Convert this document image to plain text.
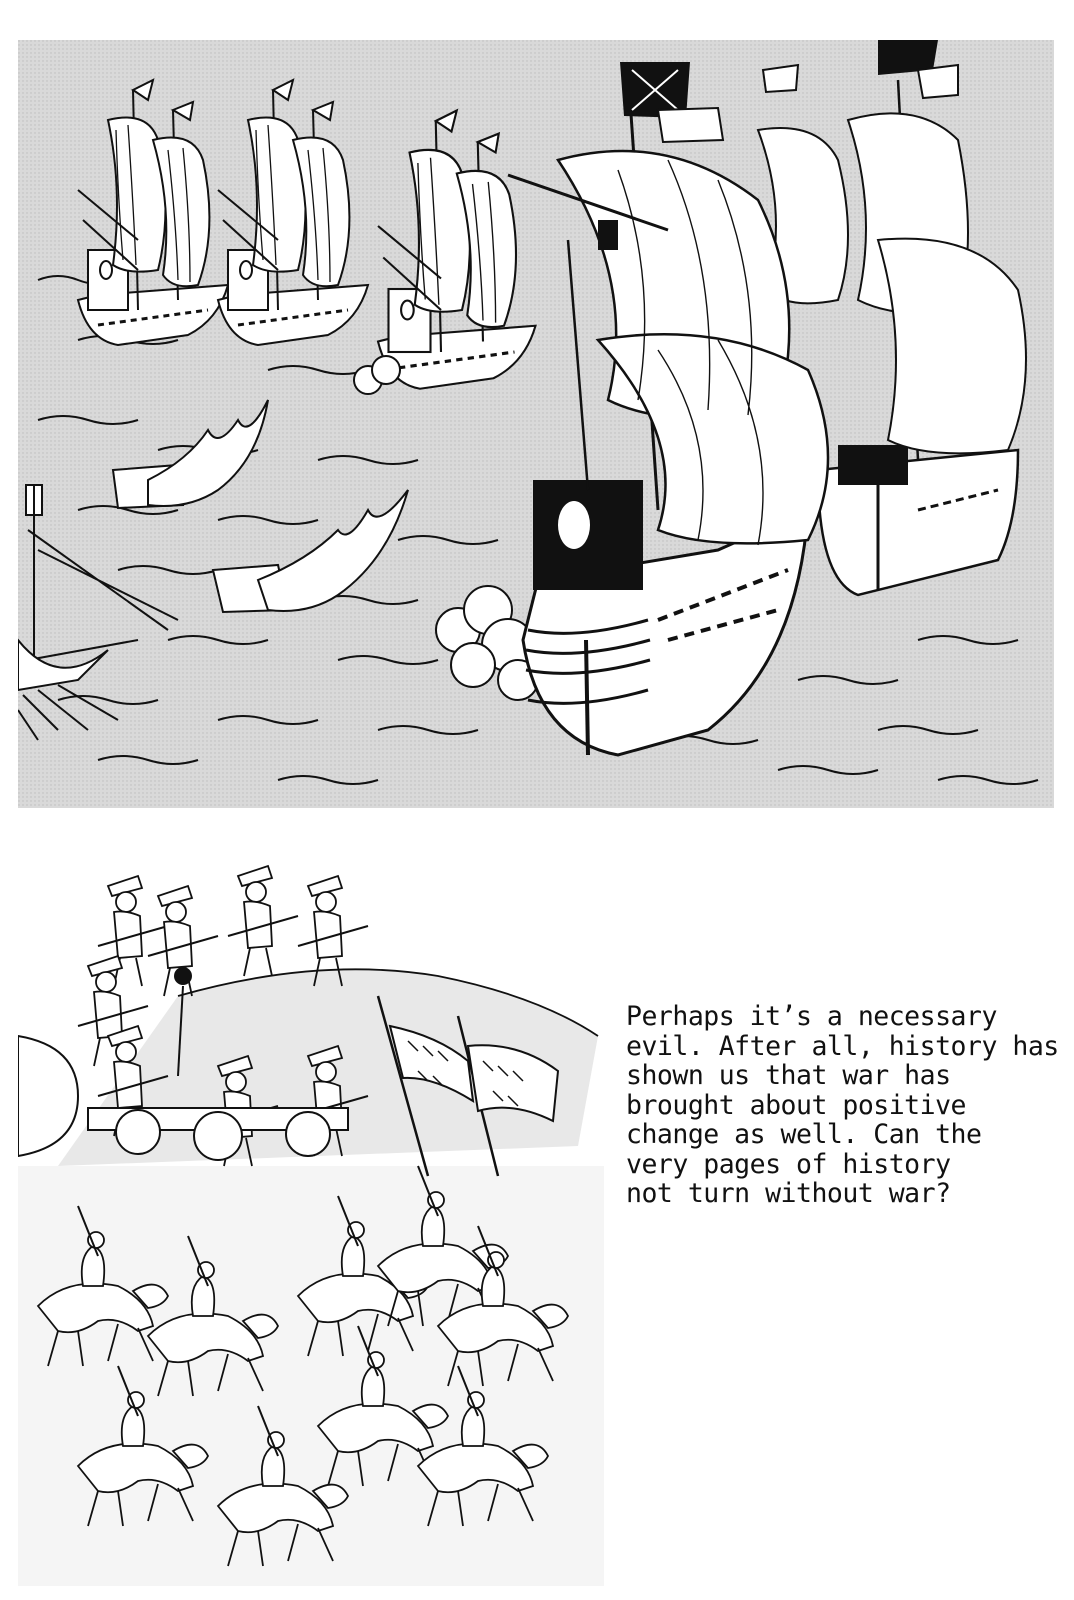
Perhaps it’s a necessary
evil. After all, history has
shown us that war has
brought about positive
change as well. Can the
very pages of history
not turn without war?
